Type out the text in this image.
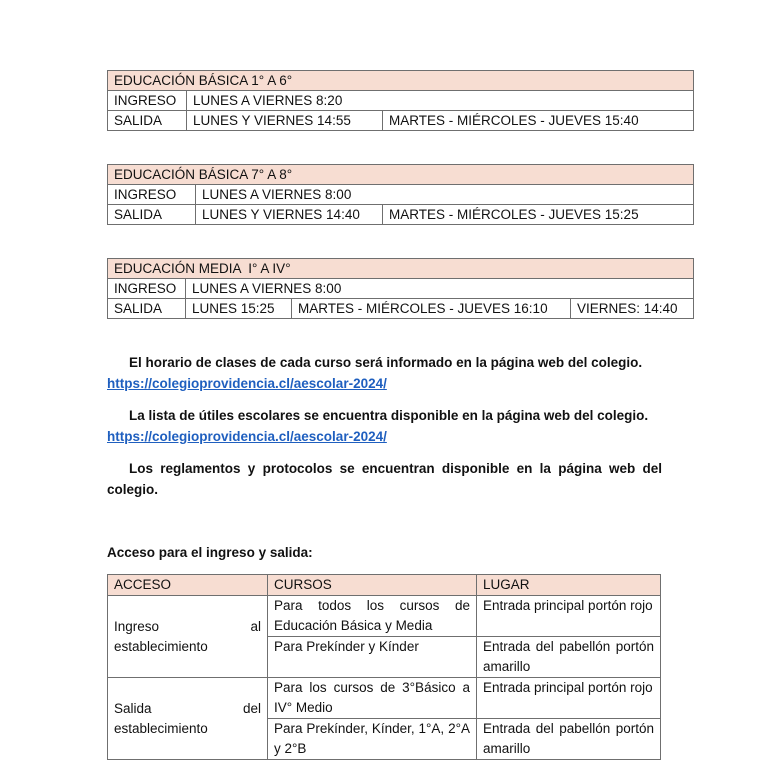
EDUCACIÓN BÁSICA 1° A 6°		
INGRESO	LUNES A VIERNES 8:20	
SALIDA	LUNES Y VIERNES 14:55	MARTES - MIÉRCOLES - JUEVES 15:40
EDUCACIÓN BÁSICA 7° A 8°		
INGRESO	LUNES A VIERNES 8:00	
SALIDA	LUNES Y VIERNES 14:40	MARTES - MIÉRCOLES - JUEVES 15:25
EDUCACIÓN MEDIA  I° A IV°			
INGRESO	LUNES A VIERNES 8:00		
SALIDA	LUNES 15:25	MARTES - MIÉRCOLES - JUEVES 16:10	VIERNES: 14:40

El horario de clases de cada curso será informado en la página web del colegio.
https://colegioprovidencia.cl/aescolar-2024/

La lista de útiles escolares se encuentra disponible en la página web del colegio.
https://colegioprovidencia.cl/aescolar-2024/

Los reglamentos y protocolos se encuentran disponible en la página web del colegio.

Acceso para el ingreso y salida:

ACCESO	CURSOS	LUGAR
Ingreso al establecimiento	Para todos los cursos de Educación Básica y Media	Entrada principal portón rojo
	Para Prekínder y Kínder	Entrada del pabellón portón amarillo
Salida del establecimiento	Para los cursos de 3°Básico a IV° Medio	Entrada principal portón rojo
	Para Prekínder, Kínder, 1°A, 2°A y 2°B	Entrada del pabellón portón amarillo
